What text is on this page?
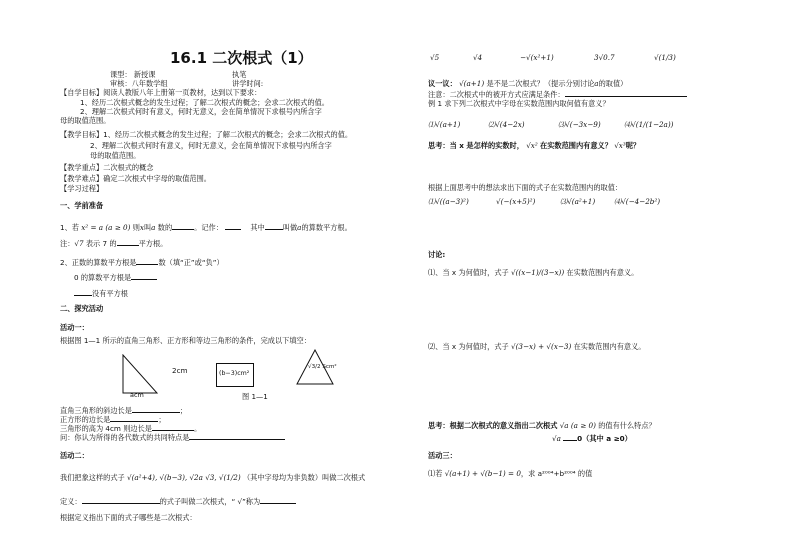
16.1 二次根式（1）
课型： 新授课	执笔
审核：八年数学组	讲学时间:
【自学目标】阅读人教版八年上册第一页教材，达到以下要求：
1、经历二次根式概念的发生过程；了解二次根式的概念；会求二次根式的值。
2、理解二次根式何时有意义，何时无意义，会在简单情况下求根号内所含字
母的取值范围。
【教学目标】1、经历二次根式概念的发生过程；了解二次根式的概念；会求二次根式的值。
2、理解二次根式何时有意义，何时无意义，会在简单情况下求根号内所含字
母的取值范围。
【教学重点】二次根式的概念
【教学难点】确定二次根式中字母的取值范围。
【学习过程】
一、学前准备
1、若 x² = a (a ≥ 0) 则x叫a 数的	。记作：	其中	叫做a的算数平方根。
注：√7 表示 7 的	平方根。
2、正数的算数平方根是	数（填“正”或“负”）
0 的算数平方根是
没有平方根
二、探究活动
活动一：
根据图 1—1 所示的直角三角形、正方形和等边三角形的条件，完成以下填空：
2cm
acm
(b−3)cm²
√3/2 Scm²
图 1—1
直角三角形的斜边长是	；
正方形的边长是	；
三角形的高为 4cm 则边长是	。
问：你认为所得的各代数式的共同特点是
活动二：
我们把象这样的式子 √(a²+4), √(b−3), √2a √3, √(1/2) （其中字母均为非负数）叫做二次根式
定义：	的式子叫做二次根式，“ √”称为
根据定义指出下面的式子哪些是二次根式：
√5	√4	−√(x²+1)	3√0.7	√(1/3)
议一议： √(a+1) 是不是二次根式？（提示分别讨论a的取值）
注意：二次根式中的被开方式应满足条件：
例 1 求下列二次根式中字母在实数范围内取何值有意义？
⑴√(a+1)	⑵√(4−2x)	⑶√(−3x−9)	⑷√(1/(1−2a))
思考：当 x 是怎样的实数时， √x² 在实数范围内有意义？ √x³呢？
根据上面思考中的想法求出下面的式子在实数范围内的取值：
⑴√((a−3)²)	√(−(x+5)²)	⑶√(a²+1)	⑷√(−4−2b²)
讨论:
⑴、当 x 为何值时，式子 √((x−1)/(3−x)) 在实数范围内有意义。
⑵、当 x 为何值时，式子 √(3−x) + √(x−3) 在实数范围内有意义。
思考：根据二次根式的意义指出二次根式 √a (a ≥ 0) 的值有什么特点？
√a 0（其中 a ≥0）
活动三：
⑴若 √(a+1) + √(b−1) = 0，求 a²⁰⁰⁴+b²⁰⁰⁴ 的值
